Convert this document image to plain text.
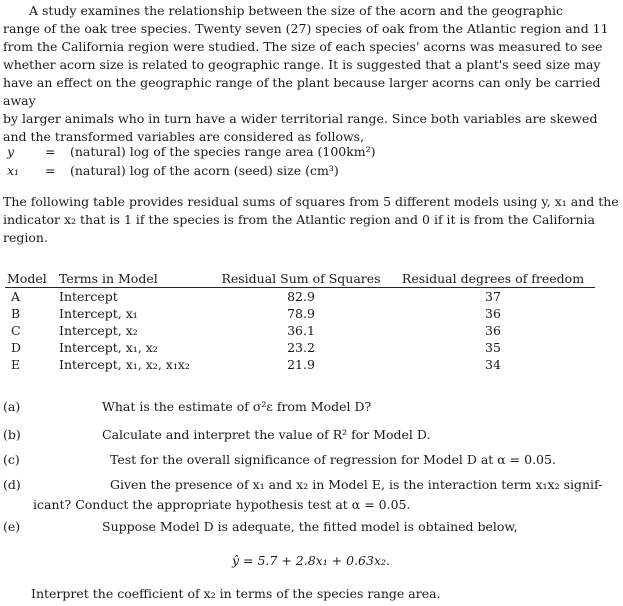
A study examines the relationship between the size of the acorn and the geographic
range of the oak tree species. Twenty seven (27) species of oak from the Atlantic region and 11
from the California region were studied. The size of each species' acorns was measured to see
whether acorn size is related to geographic range. It is suggested that a plant's seed size may
have an effect on the geographic range of the plant because larger acorns can only be carried away
by larger animals who in turn have a wider territorial range. Since both variables are skewed
and the transformed variables are considered as follows,
y	=	(natural) log of the species range area (100km²)
x₁	=	(natural) log of the acorn (seed) size (cm³)
The following table provides residual sums of squares from 5 different models using y, x₁ and the
indicator x₂ that is 1 if the species is from the Atlantic region and 0 if it is from the California
region.
Model	Terms in Model	Residual Sum of Squares	Residual degrees of freedom
A	Intercept	82.9	37
B	Intercept, x₁	78.9	36
C	Intercept, x₂	36.1	36
D	Intercept, x₁, x₂	23.2	35
E	Intercept, x₁, x₂, x₁x₂	21.9	34
(a)	What is the estimate of σ²ε from Model D?
(b)	Calculate and interpret the value of R² for Model D.
(c)	Test for the overall significance of regression for Model D at α = 0.05.
(d)	Given the presence of x₁ and x₂ in Model E, is the interaction term x₁x₂ signif-
icant? Conduct the appropriate hypothesis test at α = 0.05.
(e)	Suppose Model D is adequate, the fitted model is obtained below,
ŷ = 5.7 + 2.8x₁ + 0.63x₂.
Interpret the coefficient of x₂ in terms of the species range area.
